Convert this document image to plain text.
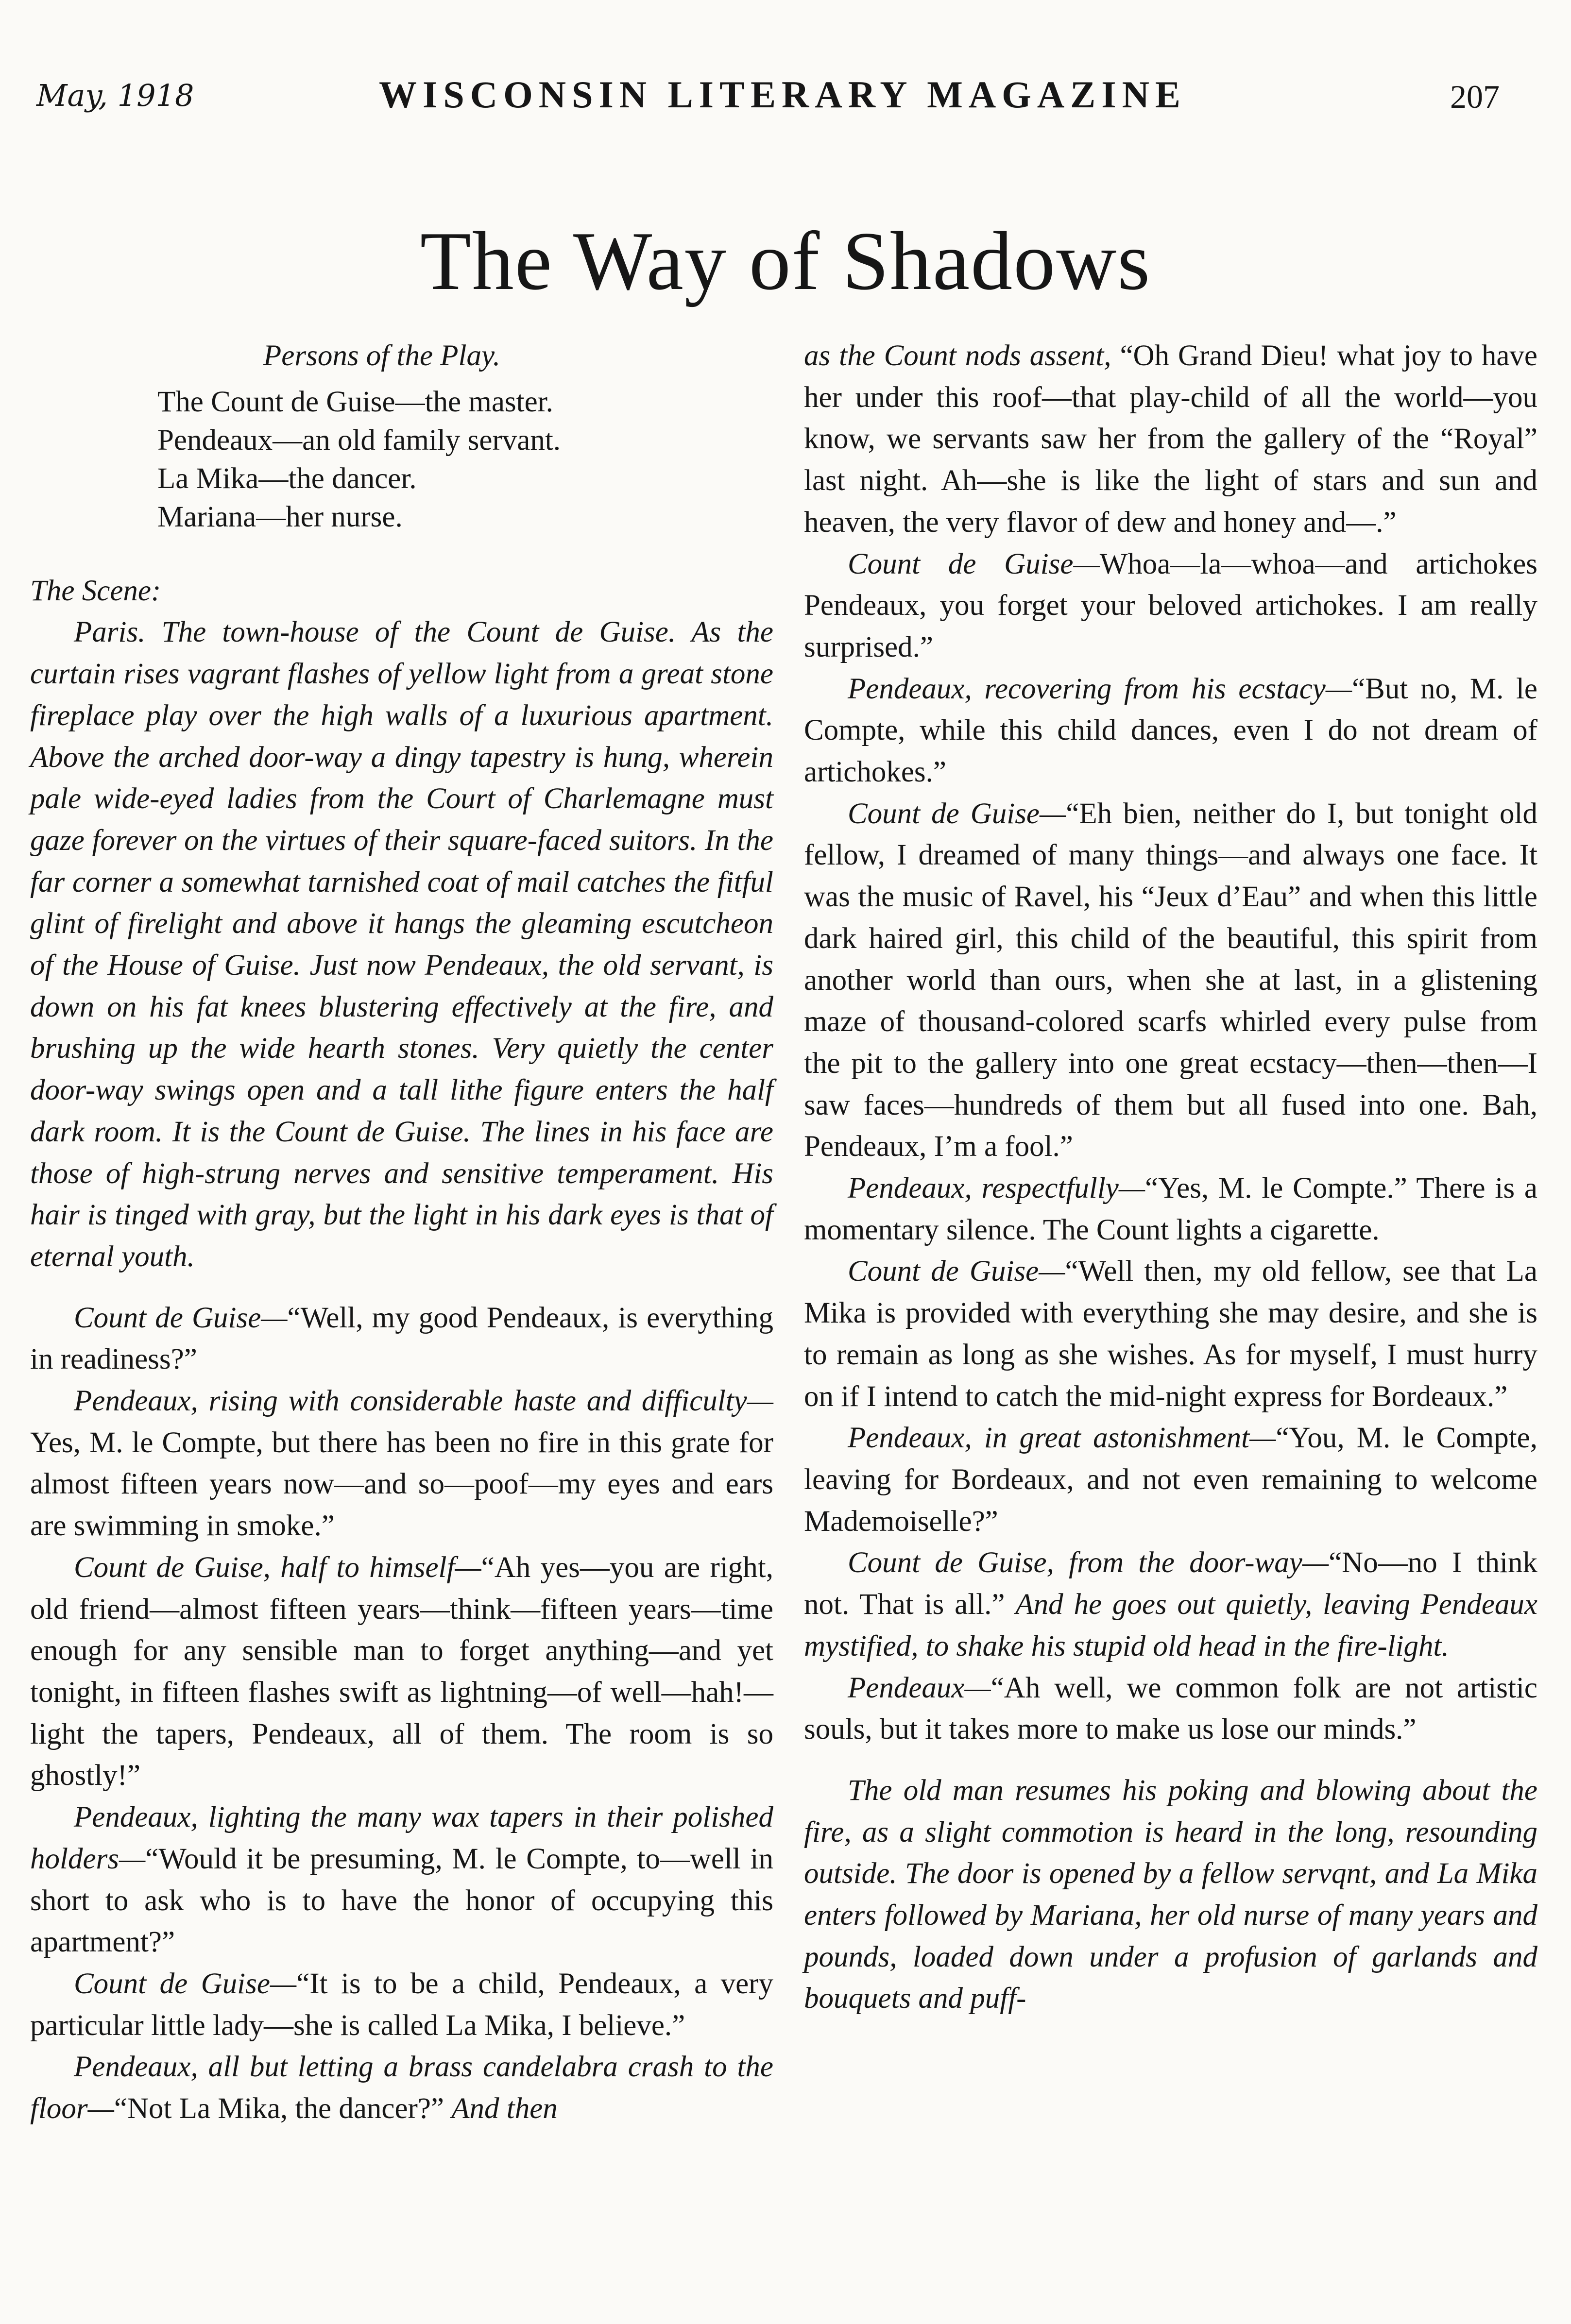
May, 1918	WISCONSIN LITERARY MAGAZINE	207
The Way of Shadows
Persons of the Play.
The Count de Guise—the master.
Pendeaux—an old family servant.
La Mika—the dancer.
Mariana—her nurse.
The Scene:

Paris. The town-house of the Count de Guise. As the curtain rises vagrant flashes of yellow light from a great stone fireplace play over the high walls of a luxurious apartment. Above the arched door-way a dingy tapestry is hung, wherein pale wide-eyed ladies from the Court of Charlemagne must gaze forever on the virtues of their square-faced suitors. In the far corner a somewhat tarnished coat of mail catches the fitful glint of firelight and above it hangs the gleaming escutcheon of the House of Guise. Just now Pendeaux, the old servant, is down on his fat knees blustering effectively at the fire, and brushing up the wide hearth stones. Very quietly the center door-way swings open and a tall lithe figure enters the half dark room. It is the Count de Guise. The lines in his face are those of high-strung nerves and sensitive temperament. His hair is tinged with gray, but the light in his dark eyes is that of eternal youth.

Count de Guise—“Well, my good Pendeaux, is everything in readiness?”

Pendeaux, rising with considerable haste and difficulty—Yes, M. le Compte, but there has been no fire in this grate for almost fifteen years now—and so—poof—my eyes and ears are swimming in smoke.”

Count de Guise, half to himself—“Ah yes—you are right, old friend—almost fifteen years—think—fifteen years—time enough for any sensible man to forget anything—and yet tonight, in fifteen flashes swift as lightning—of well—hah!—light the tapers, Pendeaux, all of them. The room is so ghostly!”

Pendeaux, lighting the many wax tapers in their polished holders—“Would it be presuming, M. le Compte, to—well in short to ask who is to have the honor of occupying this apartment?”

Count de Guise—“It is to be a child, Pendeaux, a very particular little lady—she is called La Mika, I believe.”

Pendeaux, all but letting a brass candelabra crash to the floor—“Not La Mika, the dancer?” And then

as the Count nods assent, “Oh Grand Dieu! what joy to have her under this roof—that play-child of all the world—you know, we servants saw her from the gallery of the “Royal” last night. Ah—she is like the light of stars and sun and heaven, the very flavor of dew and honey and—.”

Count de Guise—Whoa—la—whoa—and artichokes Pendeaux, you forget your beloved artichokes. I am really surprised.”

Pendeaux, recovering from his ecstacy—“But no, M. le Compte, while this child dances, even I do not dream of artichokes.”

Count de Guise—“Eh bien, neither do I, but tonight old fellow, I dreamed of many things—and always one face. It was the music of Ravel, his “Jeux d’Eau” and when this little dark haired girl, this child of the beautiful, this spirit from another world than ours, when she at last, in a glistening maze of thousand-colored scarfs whirled every pulse from the pit to the gallery into one great ecstacy—then—then—I saw faces—hundreds of them but all fused into one. Bah, Pendeaux, I’m a fool.”

Pendeaux, respectfully—“Yes, M. le Compte.” There is a momentary silence. The Count lights a cigarette.

Count de Guise—“Well then, my old fellow, see that La Mika is provided with everything she may desire, and she is to remain as long as she wishes. As for myself, I must hurry on if I intend to catch the mid-night express for Bordeaux.”

Pendeaux, in great astonishment—“You, M. le Compte, leaving for Bordeaux, and not even remaining to welcome Mademoiselle?”

Count de Guise, from the door-way—“No—no I think not. That is all.” And he goes out quietly, leaving Pendeaux mystified, to shake his stupid old head in the fire-light.

Pendeaux—“Ah well, we common folk are not artistic souls, but it takes more to make us lose our minds.”

The old man resumes his poking and blowing about the fire, as a slight commotion is heard in the long, resounding outside. The door is opened by a fellow servqnt, and La Mika enters followed by Mariana, her old nurse of many years and pounds, loaded down under a profusion of garlands and bouquets and puff-
